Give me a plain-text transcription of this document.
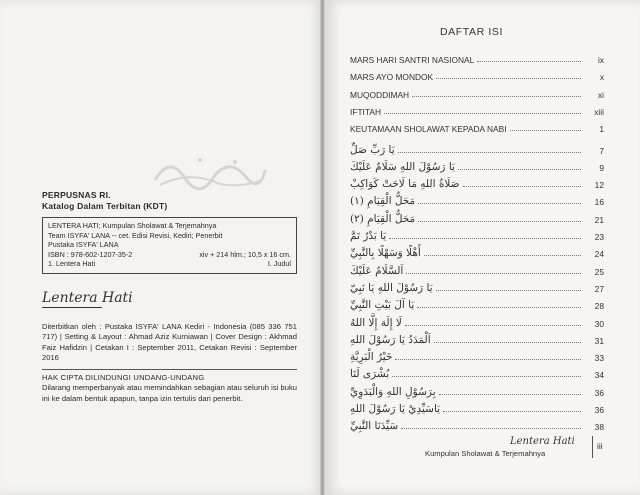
PERPUSNAS RI.
Katalog Dalam Terbitan (KDT)
LENTERA HATI; Kumpulan Sholawat & Terjemahnya
Team ISYFA' LANA -- cet. Edisi Revisi, Kediri; Penerbit
Pustaka ISYFA' LANA
ISBN : 978-602-1207-35-2	xiv + 214 hlm.; 10,5 x 16 cm.
1. Lentera Hati	I. Judul
Lentera Hati
Diterbitkan oleh : Pustaka ISYFA' LANA Kediri - Indonesia (085 336 751 717) | Setting & Layout : Ahmad Aziz Kurniawan | Cover Design : Akhmad Faiz Hafidzin | Cetakan I : September 2011, Cetakan Revisi : September 2016
HAK CIPTA DILINDUNGI UNDANG-UNDANG
Dilarang memperbanyak atau memindahkan sebagian atau seluruh isi buku ini ke dalam bentuk apapun, tanpa izin tertulis dari penerbit.
DAFTAR ISI
MARS HARI SANTRI NASIONAL	ix
MARS AYO MONDOK	x
MUQODDIMAH	xi
IFTITAH	xiii
KEUTAMAAN SHOLAWAT KEPADA NABI	1
يَا رَبِّ صَلِّ	7
يَا رَسُوْلَ اللهِ سَلَامٌ عَلَيْكَ	9
صَلَاةُ اللهِ مَا لَاحَتْ كَوَاكِبْ	12
مَحَلُّ الْقِيَامِ (١)	16
مَحَلُّ الْقِيَامِ (٢)	21
يَا بَدْرُ تَمَّ	23
أَهْلًا وَسَهْلًا بِالنَّبِيِّ	24
اَلسَّلَامُ عَلَيْكَ	25
يَا رَسُوْلَ اللهِ يَا نَبِيّ	27
يَا آلَ بَيْتِ النَّبِيِّ	28
لَا إِلَهَ إِلَّا اللهُ	30
اَلْمَدَدُ يَا رَسُوْلَ اللهِ	31
خَيْرُ الْبَرِيَّةِ	33
بُشْرَى لَنَا	34
بِرَسُوْلِ اللهِ وَالْبَدَوِيِّ	36
يَاسَيِّدِيْ يَا رَسُوْلَ اللهِ	36
سَيِّدَنَا النَّبِيِّ	38
Lentera Hati
Kumpulan Sholawat & Terjemahnya
iii
